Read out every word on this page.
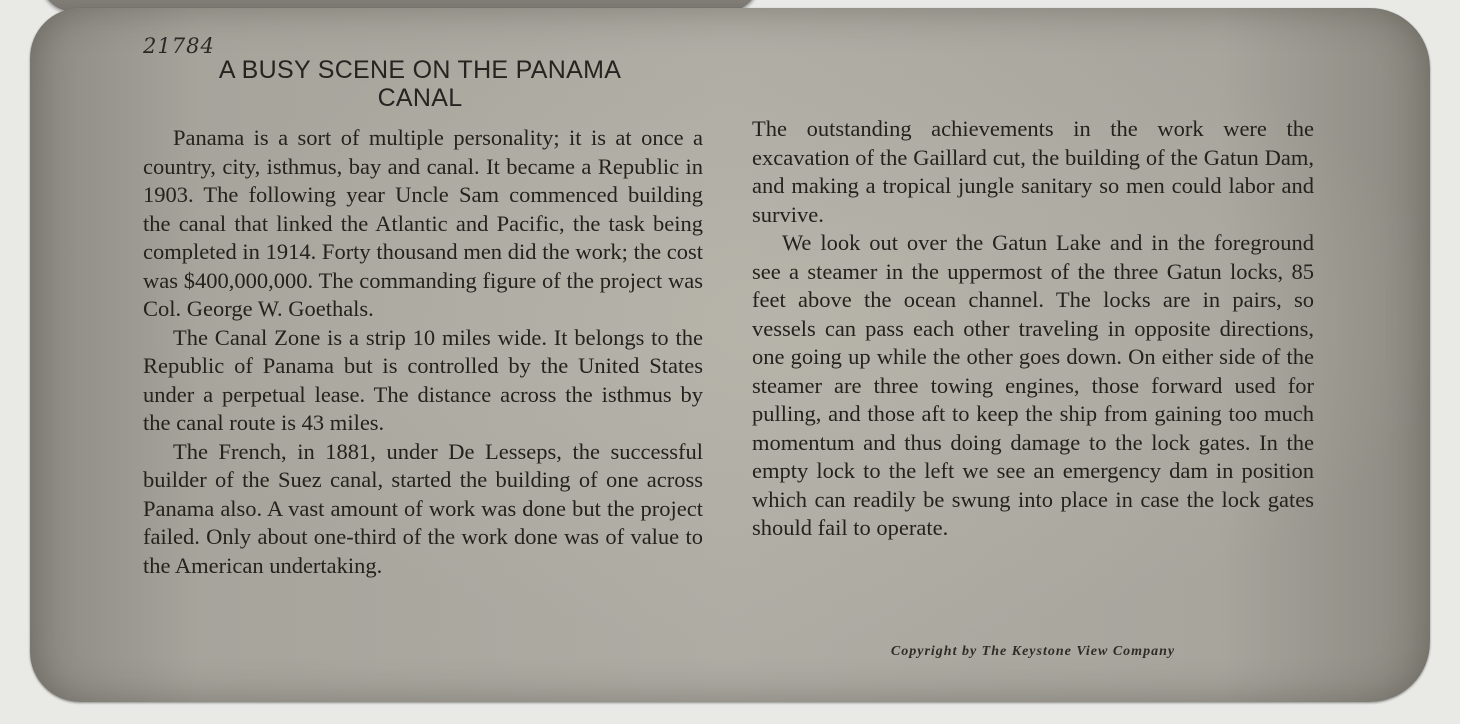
21784
A BUSY SCENE ON THE PANAMA
CANAL

Panama is a sort of multiple personality; it is at once a country, city, isthmus, bay and canal. It became a Republic in 1903. The following year Uncle Sam commenced building the canal that linked the Atlantic and Pacific, the task being completed in 1914. Forty thousand men did the work; the cost was $400,000,000. The commanding figure of the project was Col. George W. Goethals.

The Canal Zone is a strip 10 miles wide. It belongs to the Republic of Panama but is controlled by the United States under a perpetual lease. The distance across the isthmus by the canal route is 43 miles.

The French, in 1881, under De Lesseps, the successful builder of the Suez canal, started the building of one across Panama also. A vast amount of work was done but the project failed. Only about one-third of the work done was of value to the American undertaking.

The outstanding achievements in the work were the excavation of the Gaillard cut, the building of the Gatun Dam, and making a tropical jungle sanitary so men could labor and survive.

We look out over the Gatun Lake and in the foreground see a steamer in the uppermost of the three Gatun locks, 85 feet above the ocean channel. The locks are in pairs, so vessels can pass each other traveling in opposite directions, one going up while the other goes down. On either side of the steamer are three towing engines, those forward used for pulling, and those aft to keep the ship from gaining too much momentum and thus doing damage to the lock gates. In the empty lock to the left we see an emergency dam in position which can readily be swung into place in case the lock gates should fail to operate.

Copyright by The Keystone View Company
